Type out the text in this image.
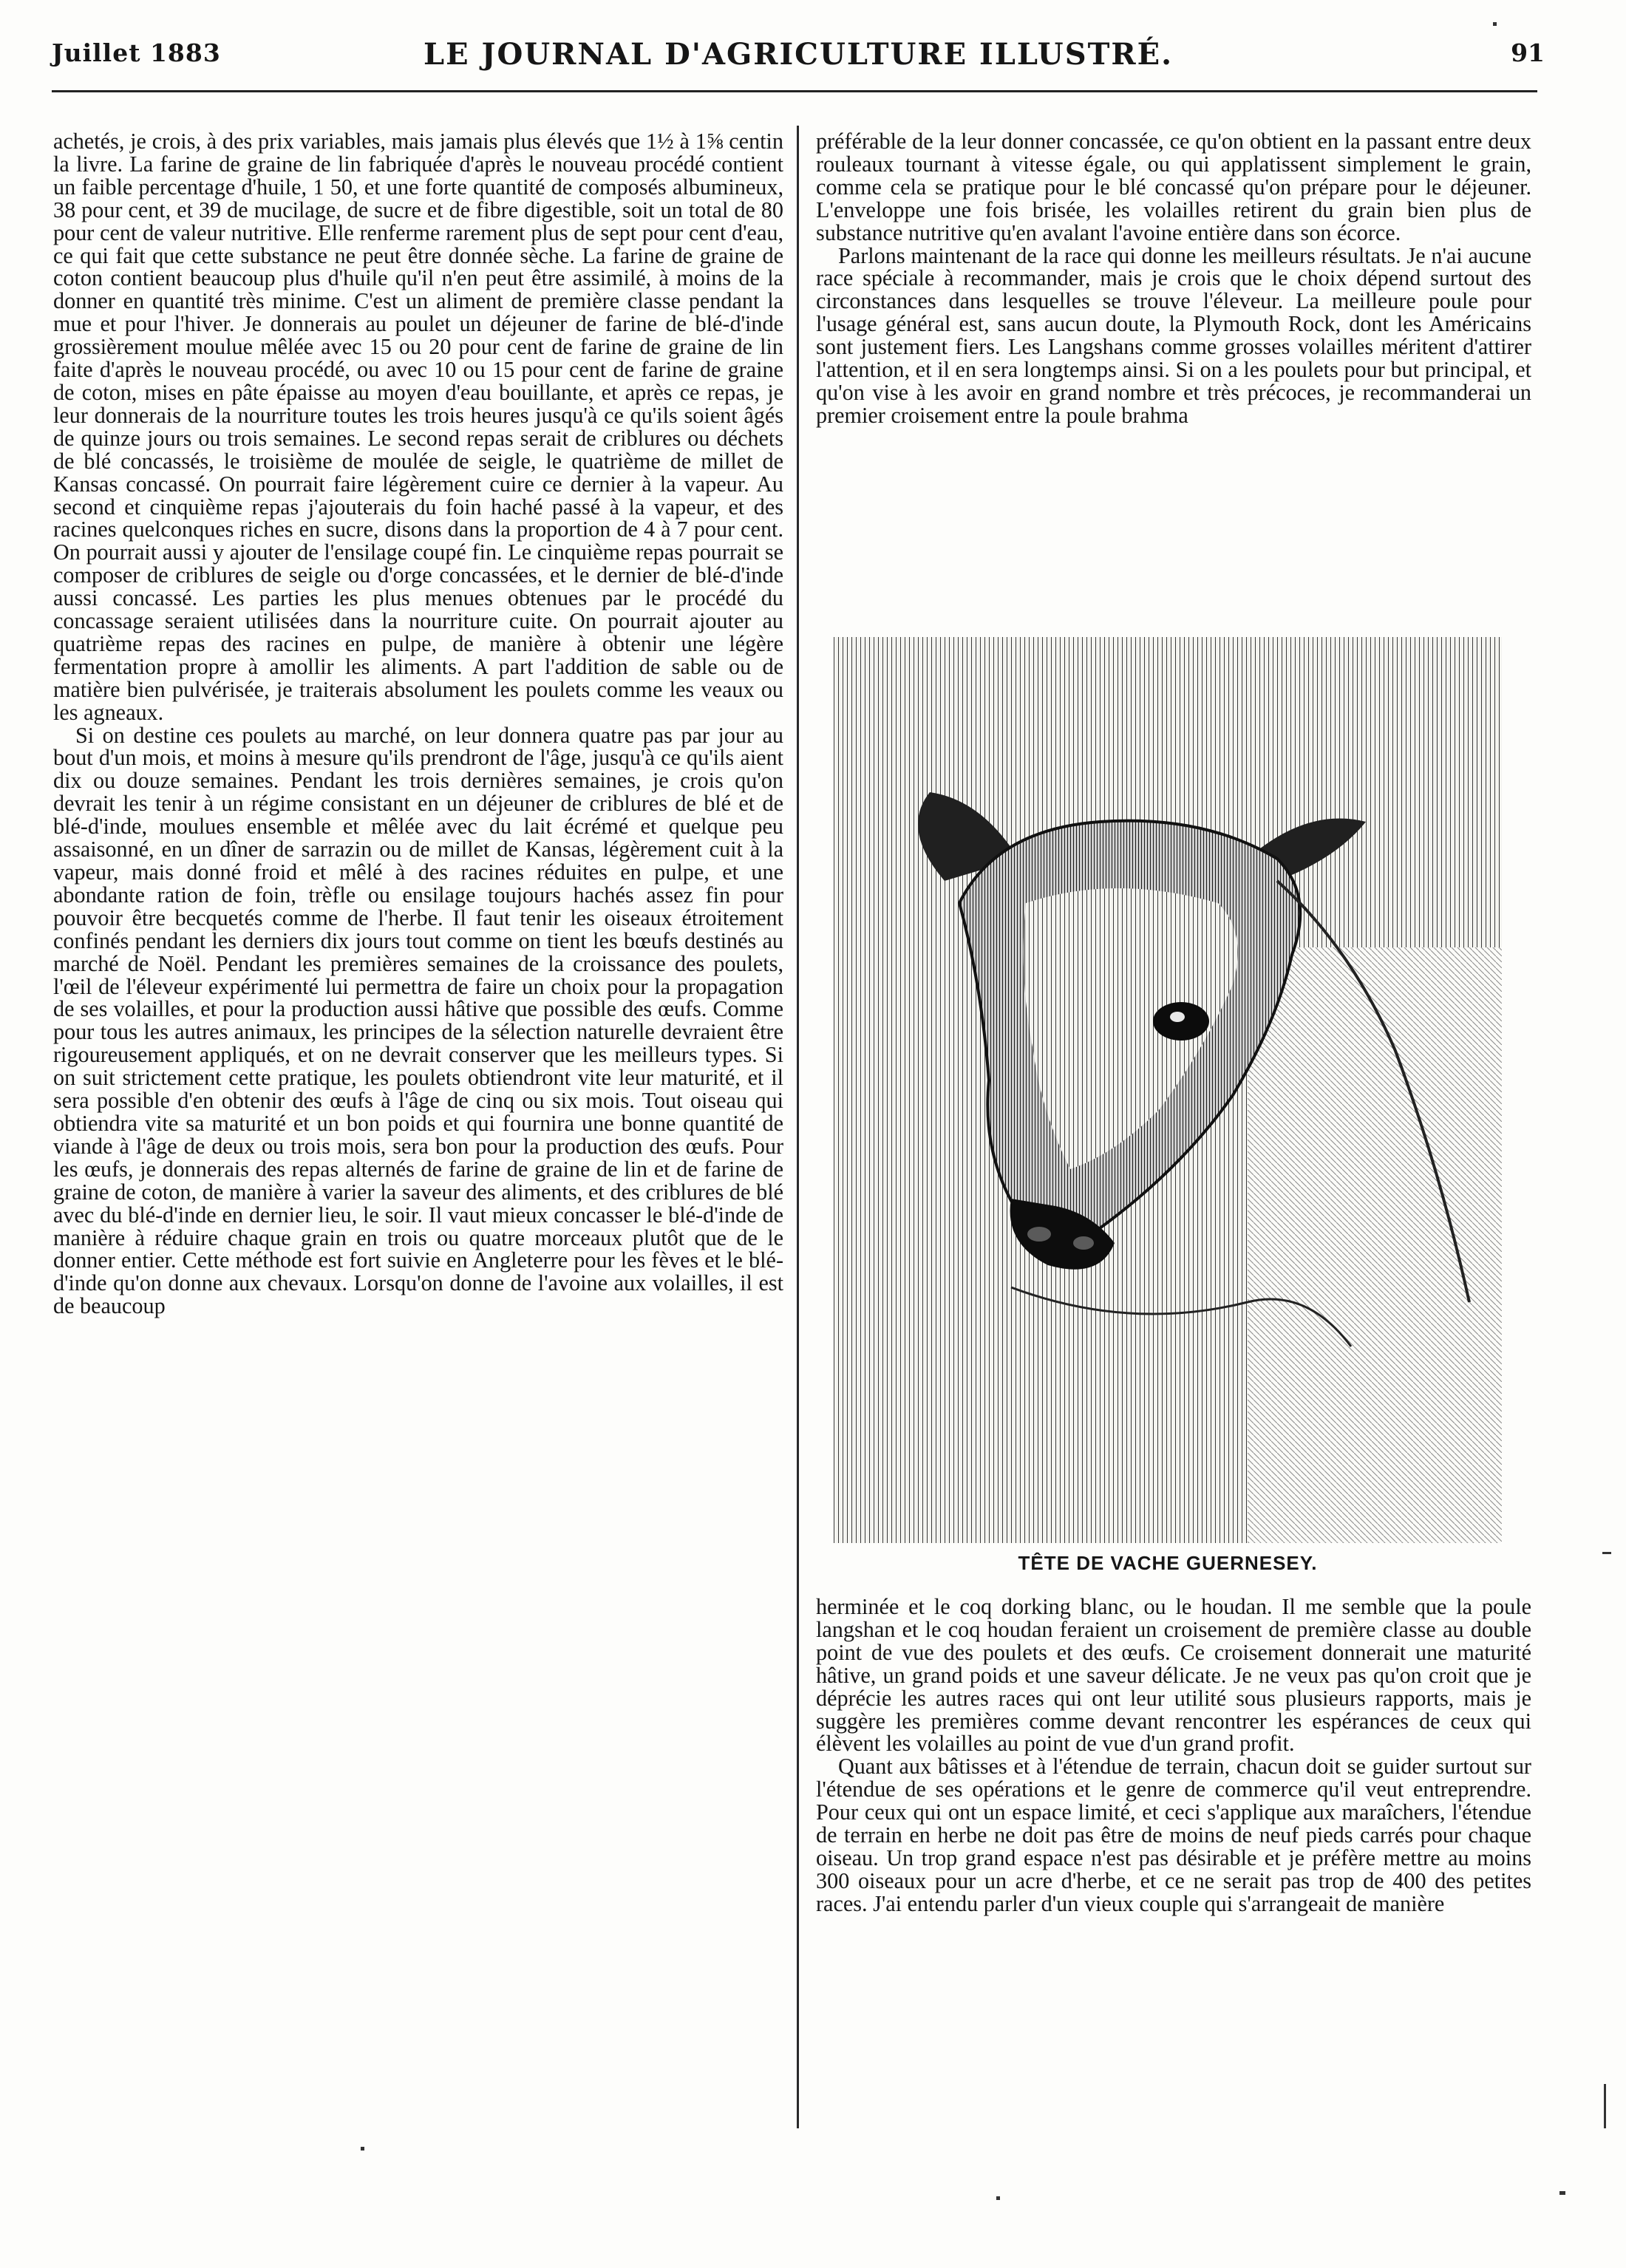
Juillet 1883	LE JOURNAL D'AGRICULTURE ILLUSTRÉ.	91

achetés, je crois, à des prix variables, mais jamais plus élevés que 1½ à 1⅝ centin la livre. La farine de graine de lin fabriquée d'après le nouveau procédé contient un faible percentage d'huile, 1 50, et une forte quantité de composés albumineux, 38 pour cent, et 39 de mucilage, de sucre et de fibre digestible, soit un total de 80 pour cent de valeur nutritive. Elle renferme rarement plus de sept pour cent d'eau, ce qui fait que cette substance ne peut être donnée sèche. La farine de graine de coton contient beaucoup plus d'huile qu'il n'en peut être assimilé, à moins de la donner en quantité très minime. C'est un aliment de première classe pendant la mue et pour l'hiver. Je donnerais au poulet un déjeuner de farine de blé-d'inde grossièrement moulue mêlée avec 15 ou 20 pour cent de farine de graine de lin faite d'après le nouveau procédé, ou avec 10 ou 15 pour cent de farine de graine de coton, mises en pâte épaisse au moyen d'eau bouillante, et après ce repas, je leur donnerais de la nourriture toutes les trois heures jusqu'à ce qu'ils soient âgés de quinze jours ou trois semaines. Le second repas serait de criblures ou déchets de blé concassés, le troisième de moulée de seigle, le quatrième de millet de Kansas concassé. On pourrait faire légèrement cuire ce dernier à la vapeur. Au second et cinquième repas j'ajouterais du foin haché passé à la vapeur, et des racines quelconques riches en sucre, disons dans la proportion de 4 à 7 pour cent. On pourrait aussi y ajouter de l'ensilage coupé fin. Le cinquième repas pourrait se composer de criblures de seigle ou d'orge concassées, et le dernier de blé-d'inde aussi concassé. Les parties les plus menues obtenues par le procédé du concassage seraient utilisées dans la nourriture cuite. On pourrait ajouter au quatrième repas des racines en pulpe, de manière à obtenir une légère fermentation propre à amollir les aliments. A part l'addition de sable ou de matière bien pulvérisée, je traiterais absolument les poulets comme les veaux ou les agneaux.

Si on destine ces poulets au marché, on leur donnera quatre pas par jour au bout d'un mois, et moins à mesure qu'ils prendront de l'âge, jusqu'à ce qu'ils aient dix ou douze semaines. Pendant les trois dernières semaines, je crois qu'on devrait les tenir à un régime consistant en un déjeuner de criblures de blé et de blé-d'inde, moulues ensemble et mêlée avec du lait écrémé et quelque peu assaisonné, en un dîner de sarrazin ou de millet de Kansas, légèrement cuit à la vapeur, mais donné froid et mêlé à des racines réduites en pulpe, et une abondante ration de foin, trèfle ou ensilage toujours hachés assez fin pour pouvoir être becquetés comme de l'herbe. Il faut tenir les oiseaux étroitement confinés pendant les derniers dix jours tout comme on tient les bœufs destinés au marché de Noël. Pendant les premières semaines de la croissance des poulets, l'œil de l'éleveur expérimenté lui permettra de faire un choix pour la propagation de ses volailles, et pour la production aussi hâtive que possible des œufs. Comme pour tous les autres animaux, les principes de la sélection naturelle devraient être rigoureusement appliqués, et on ne devrait conserver que les meilleurs types. Si on suit strictement cette pratique, les poulets obtiendront vite leur maturité, et il sera possible d'en obtenir des œufs à l'âge de cinq ou six mois. Tout oiseau qui obtiendra vite sa maturité et un bon poids et qui fournira une bonne quantité de viande à l'âge de deux ou trois mois, sera bon pour la production des œufs. Pour les œufs, je donnerais des repas alternés de farine de graine de lin et de farine de graine de coton, de manière à varier la saveur des aliments, et des criblures de blé avec du blé-d'inde en dernier lieu, le soir. Il vaut mieux concasser le blé-d'inde de manière à réduire chaque grain en trois ou quatre morceaux plutôt que de le donner entier. Cette méthode est fort suivie en Angleterre pour les fèves et le blé-d'inde qu'on donne aux chevaux. Lorsqu'on donne de l'avoine aux volailles, il est de beaucoup

préférable de la leur donner concassée, ce qu'on obtient en la passant entre deux rouleaux tournant à vitesse égale, ou qui applatissent simplement le grain, comme cela se pratique pour le blé concassé qu'on prépare pour le déjeuner. L'enveloppe une fois brisée, les volailles retirent du grain bien plus de substance nutritive qu'en avalant l'avoine entière dans son écorce.

Parlons maintenant de la race qui donne les meilleurs résultats. Je n'ai aucune race spéciale à recommander, mais je crois que le choix dépend surtout des circonstances dans lesquelles se trouve l'éleveur. La meilleure poule pour l'usage général est, sans aucun doute, la Plymouth Rock, dont les Américains sont justement fiers. Les Langshans comme grosses volailles méritent d'attirer l'attention, et il en sera longtemps ainsi. Si on a les poulets pour but principal, et qu'on vise à les avoir en grand nombre et très précoces, je recommanderai un premier croisement entre la poule brahma

TÊTE DE VACHE GUERNESEY.

herminée et le coq dorking blanc, ou le houdan. Il me semble que la poule langshan et le coq houdan feraient un croisement de première classe au double point de vue des poulets et des œufs. Ce croisement donnerait une maturité hâtive, un grand poids et une saveur délicate. Je ne veux pas qu'on croit que je déprécie les autres races qui ont leur utilité sous plusieurs rapports, mais je suggère les premières comme devant rencontrer les espérances de ceux qui élèvent les volailles au point de vue d'un grand profit.

Quant aux bâtisses et à l'étendue de terrain, chacun doit se guider surtout sur l'étendue de ses opérations et le genre de commerce qu'il veut entreprendre. Pour ceux qui ont un espace limité, et ceci s'applique aux maraîchers, l'étendue de terrain en herbe ne doit pas être de moins de neuf pieds carrés pour chaque oiseau. Un trop grand espace n'est pas désirable et je préfère mettre au moins 300 oiseaux pour un acre d'herbe, et ce ne serait pas trop de 400 des petites races. J'ai entendu parler d'un vieux couple qui s'arrangeait de manière
